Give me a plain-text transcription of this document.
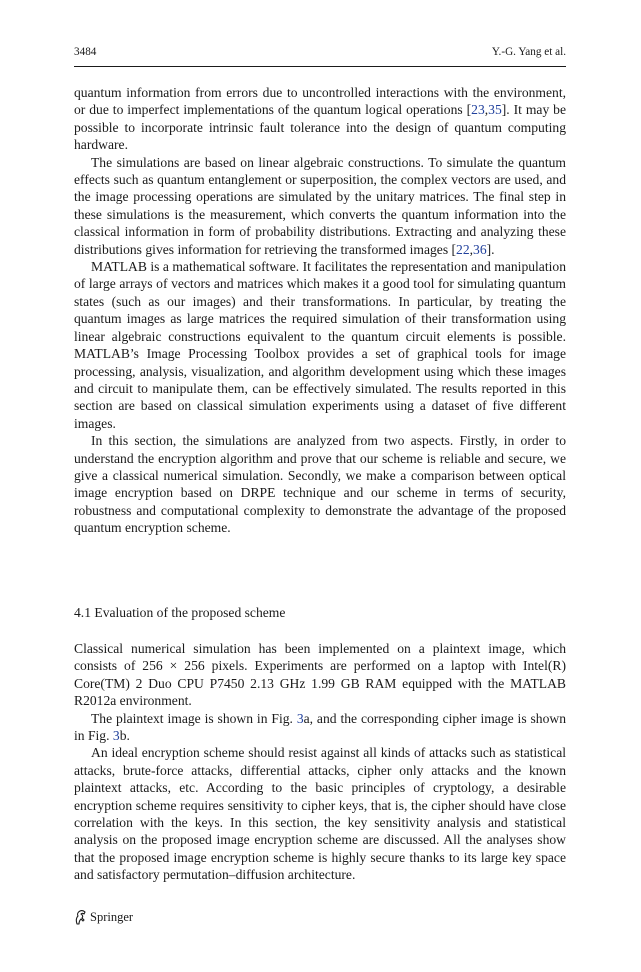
3484	Y.-G. Yang et al.

quantum information from errors due to uncontrolled interactions with the environment, or due to imperfect implementations of the quantum logical operations [23,35]. It may be possible to incorporate intrinsic fault tolerance into the design of quantum computing hardware.

The simulations are based on linear algebraic constructions. To simulate the quantum effects such as quantum entanglement or superposition, the complex vectors are used, and the image processing operations are simulated by the unitary matrices. The final step in these simulations is the measurement, which converts the quantum information into the classical information in form of probability distributions. Extracting and analyzing these distributions gives information for retrieving the transformed images [22,36].

MATLAB is a mathematical software. It facilitates the representation and manipulation of large arrays of vectors and matrices which makes it a good tool for simulating quantum states (such as our images) and their transformations. In particular, by treating the quantum images as large matrices the required simulation of their transformation using linear algebraic constructions equivalent to the quantum circuit elements is possible. MATLAB’s Image Processing Toolbox provides a set of graphical tools for image processing, analysis, visualization, and algorithm development using which these images and circuit to manipulate them, can be effectively simulated. The results reported in this section are based on classical simulation experiments using a dataset of five different images.

In this section, the simulations are analyzed from two aspects. Firstly, in order to understand the encryption algorithm and prove that our scheme is reliable and secure, we give a classical numerical simulation. Secondly, we make a comparison between optical image encryption based on DRPE technique and our scheme in terms of security, robustness and computational complexity to demonstrate the advantage of the proposed quantum encryption scheme.

4.1 Evaluation of the proposed scheme

Classical numerical simulation has been implemented on a plaintext image, which consists of 256 × 256 pixels. Experiments are performed on a laptop with Intel(R) Core(TM) 2 Duo CPU P7450 2.13 GHz 1.99 GB RAM equipped with the MATLAB R2012a environment.

The plaintext image is shown in Fig. 3a, and the corresponding cipher image is shown in Fig. 3b.

An ideal encryption scheme should resist against all kinds of attacks such as statistical attacks, brute-force attacks, differential attacks, cipher only attacks and the known plaintext attacks, etc. According to the basic principles of cryptology, a desirable encryption scheme requires sensitivity to cipher keys, that is, the cipher should have close correlation with the keys. In this section, the key sensitivity analysis and statistical analysis on the proposed image encryption scheme are discussed. All the analyses show that the proposed image encryption scheme is highly secure thanks to its large key space and satisfactory permutation–diffusion architecture.

Springer
